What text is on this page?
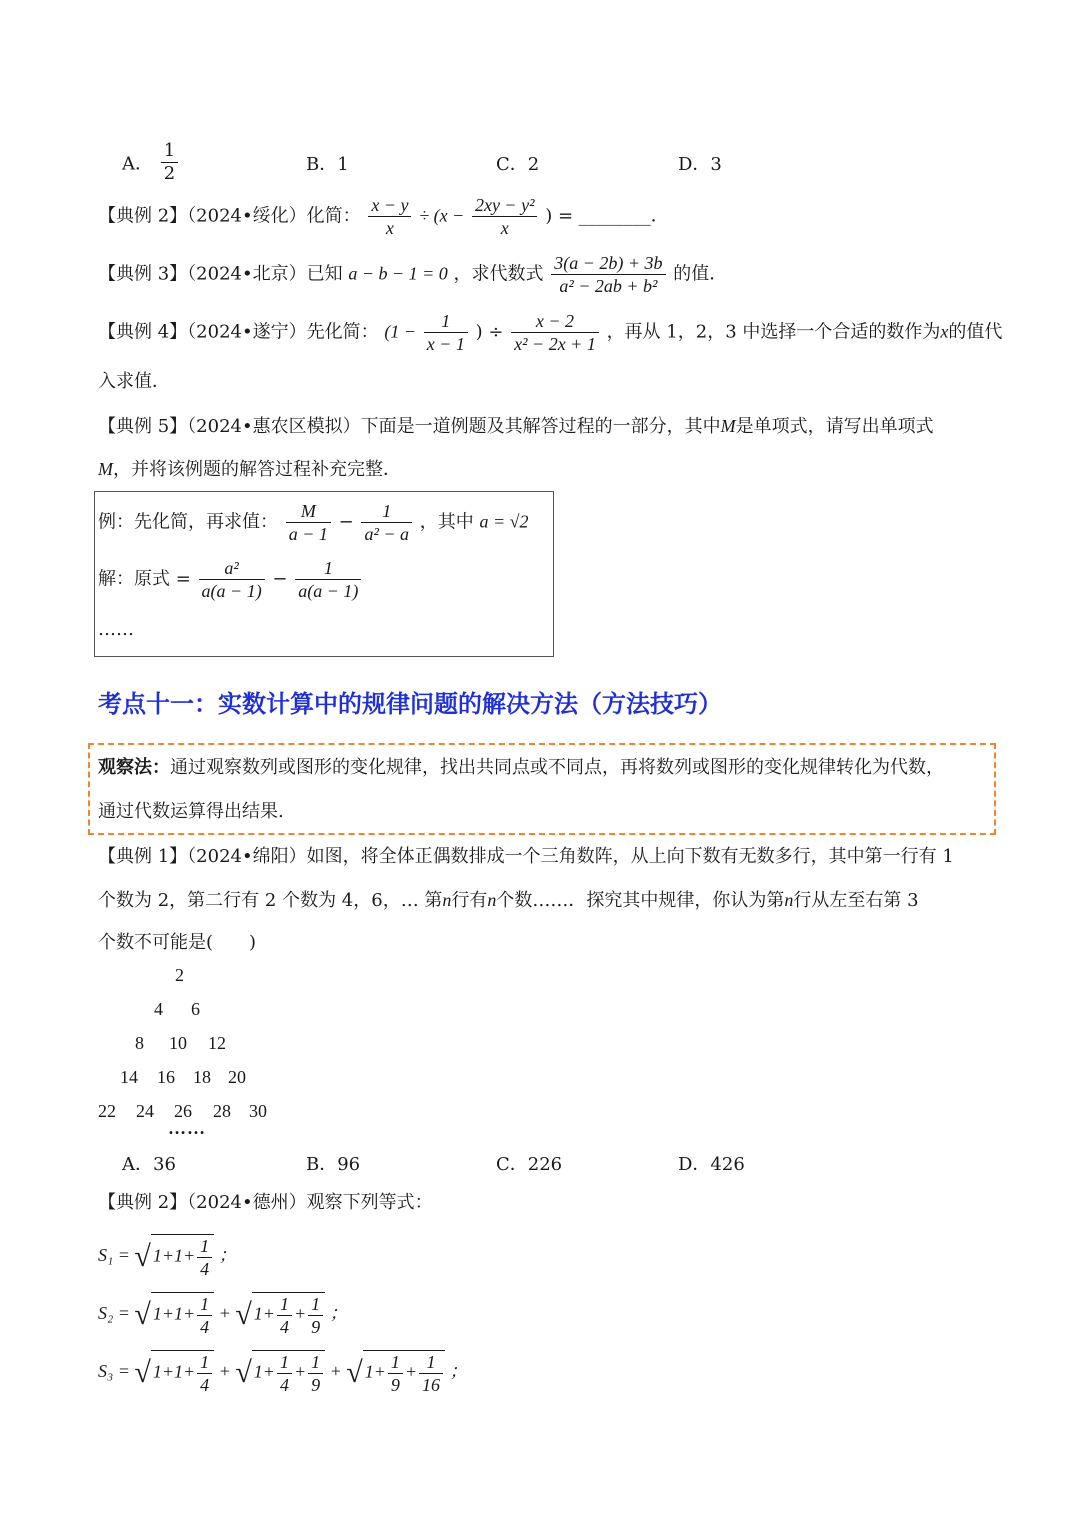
A． $\frac{1}{2}$	B．1	C．2	D．3
【典例 2】（2024•绥化）化简： $\frac{x - y}{x} \div (x - \frac{\text{2xy − y²}}{x}$ ) = ________．
【典例 3】（2024•北京）已知 a − b − 1 = 0 ，求代数式 $\frac{3(a - 2b) + 3b}{\text{a² − 2ab + b²}}$ 的值．
【典例 4】（2024•遂宁）先化简： ($1 - \frac{1}{x - 1}$ ) ÷ $\frac{x - 2}{\text{x² − 2x + 1}}$ ，再从 1，2，3 中选择一个合适的数作为x的值代
入求值．
【典例 5】（2024•惠农区模拟）下面是一道例题及其解答过程的一部分，其中M是单项式，请写出单项式
M，并将该例题的解答过程补充完整．
例：先化简，再求值： $\frac{M}{a - 1} - \frac{1}{\text{a² − a}}$ ，其中 a = √2
解：原式 = $\frac{\text{a²}}{a(a - 1)} - \frac{1}{a(a - 1)}$
……
考点十一：实数计算中的规律问题的解决方法（方法技巧）
观察法：通过观察数列或图形的变化规律，找出共同点或不同点，再将数列或图形的变化规律转化为代数，
通过代数运算得出结果.
【典例 1】（2024•绵阳）如图，将全体正偶数排成一个三角数阵，从上向下数有无数多行，其中第一行有 1
个数为 2，第二行有 2 个数为 4，6，… 第n行有n个数……．探究其中规律，你认为第n行从左至右第 3
个数不可能是(　　)
2
4 6
8 10 12
14 16 18 20
22 24 26 28 30
……
A．36	B．96	C．226	D．426
【典例 2】（2024•德州）观察下列等式：
S₁ = √ $1+1+ \frac{1}{4}$ ；
S₂ = √ $1+1+ \frac{1}{4}$ + √ $1+ \frac{1}{4} + \frac{1}{9}$ ；
S₃ = √ $1+1+ \frac{1}{4}$ + √ $1+ \frac{1}{4} + \frac{1}{9}$ + √ $1+ \frac{1}{9} + \frac{1}{16}$ ；
